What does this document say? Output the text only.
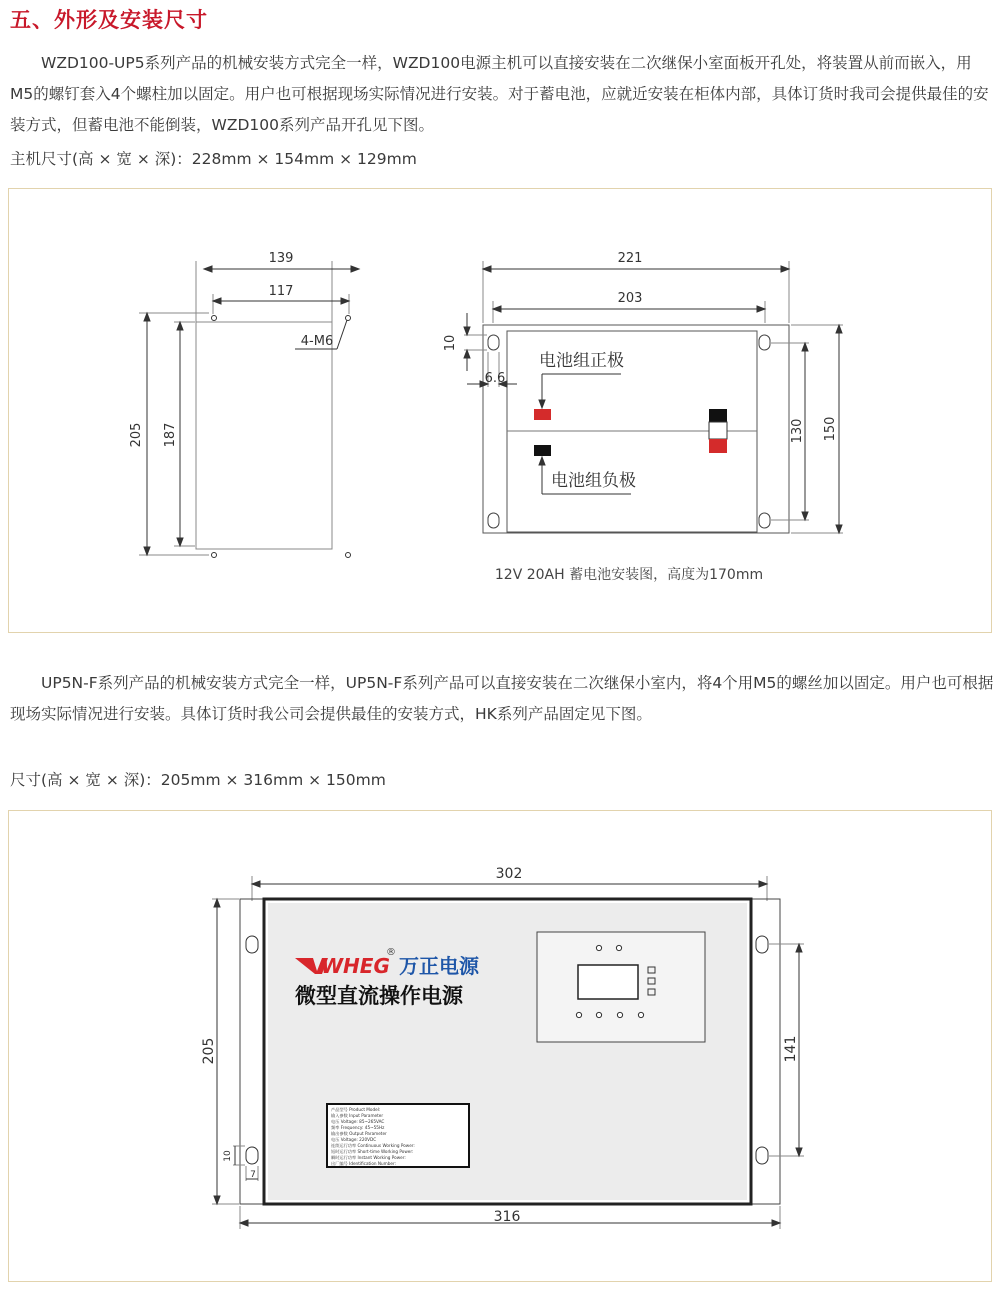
五、外形及安装尺寸

WZD100-UP5系列产品的机械安装方式完全一样，WZD100电源主机可以直接安装在二次继保小室面板开孔处，将装置从前而嵌入，用M5的螺钉套入4个螺柱加以固定。用户也可根据现场实际情况进行安装。对于蓄电池，应就近安装在柜体内部，具体订货时我司会提供最佳的安装方式，但蓄电池不能倒装，WZD100系列产品开孔见下图。

主机尺寸(高 × 宽 × 深)：228mm × 154mm × 129mm

139
117
4-M6
205 187
221
203
10
6.6
130 150
电池组正极
电池组负极
12V 20AH 蓄电池安装图，高度为170mm

UP5N-F系列产品的机械安装方式完全一样，UP5N-F系列产品可以直接安装在二次继保小室内，将4个用M5的螺丝加以固定。用户也可根据现场实际情况进行安装。具体订货时我公司会提供最佳的安装方式，HK系列产品固定见下图。

尺寸(高 × 宽 × 深)：205mm × 316mm × 150mm

302
205	141
10
7
316
WHEG
®
万正电源
微型直流操作电源
产品型号 Product Model:
输入参数 Input Parameter
电压 Voltage: 85~265VAC
频率 Frequency: 45~55Hz
输出参数 Output Parameter
电压 Voltage: 220VDC
连续运行功率 Continuous Working Power:
短时运行功率 Short-time Working Power:
瞬时运行功率 Instant Working Power:
出厂编号 Identification Number:
